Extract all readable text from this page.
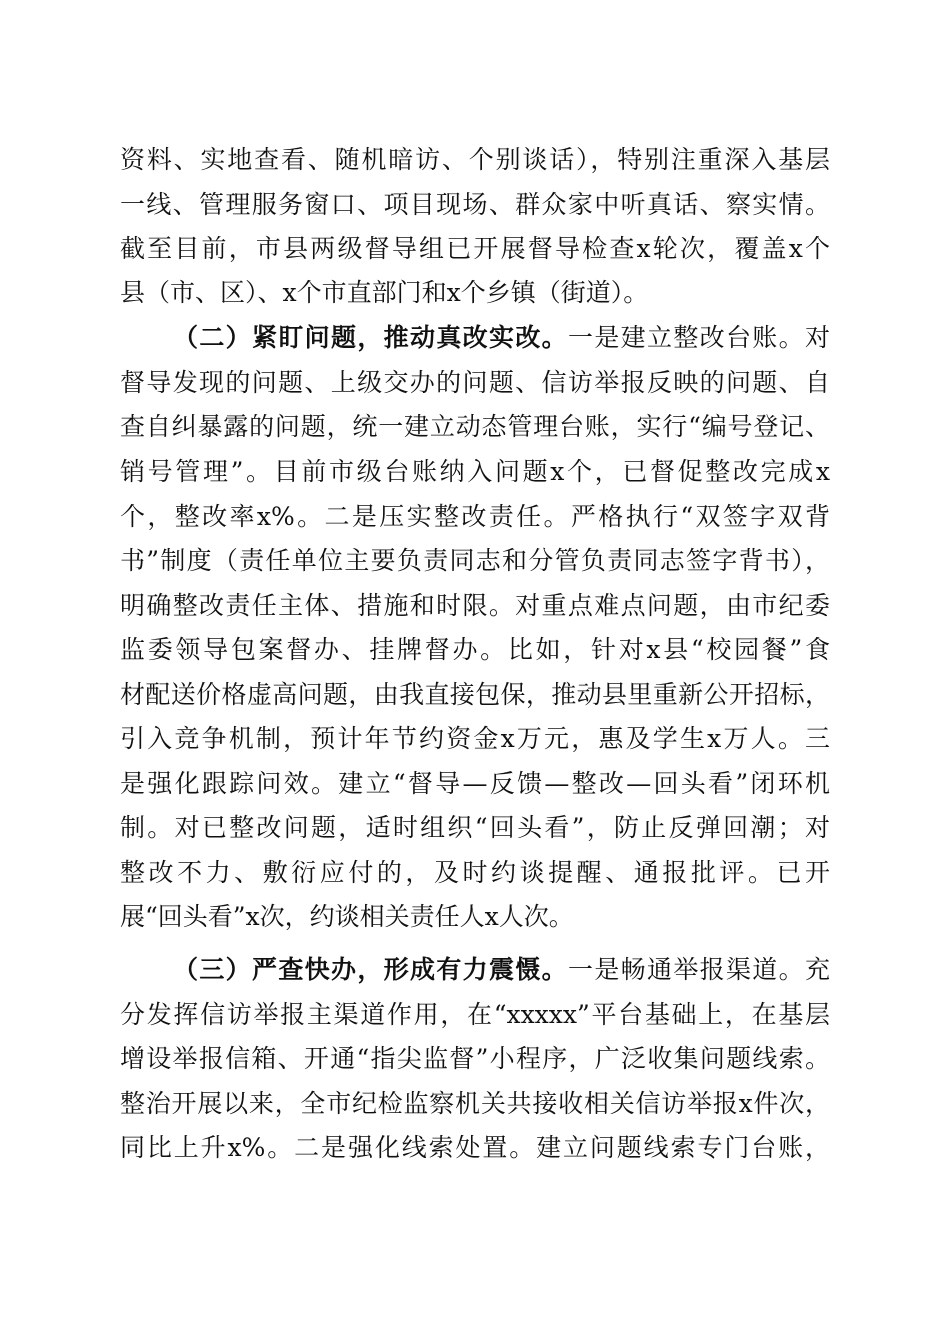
资料、实地查看、随机暗访、个别谈话），特别注重深入基层
一线、管理服务窗口、项目现场、群众家中听真话、察实情。
截至目前，市县两级督导组已开展督导检查x轮次，覆盖x个
县（市、区）、x个市直部门和x个乡镇（街道）。
（二）紧盯问题，推动真改实改。一是建立整改台账。对
督导发现的问题、上级交办的问题、信访举报反映的问题、自
查自纠暴露的问题，统一建立动态管理台账，实行“编号登记、
销号管理”。目前市级台账纳入问题x个，已督促整改完成x
个，整改率x%。二是压实整改责任。严格执行“双签字双背
书”制度（责任单位主要负责同志和分管负责同志签字背书），
明确整改责任主体、措施和时限。对重点难点问题，由市纪委
监委领导包案督办、挂牌督办。比如，针对x县“校园餐”食
材配送价格虚高问题，由我直接包保，推动县里重新公开招标，
引入竞争机制，预计年节约资金x万元，惠及学生x万人。三
是强化跟踪问效。建立“督导—反馈—整改—回头看”闭环机
制。对已整改问题，适时组织“回头看”，防止反弹回潮；对
整改不力、敷衍应付的，及时约谈提醒、通报批评。已开
展“回头看”x次，约谈相关责任人x人次。
（三）严查快办，形成有力震慑。一是畅通举报渠道。充
分发挥信访举报主渠道作用，在“xxxxx”平台基础上，在基层
增设举报信箱、开通“指尖监督”小程序，广泛收集问题线索。
整治开展以来，全市纪检监察机关共接收相关信访举报x件次，
同比上升x%。二是强化线索处置。建立问题线索专门台账，
